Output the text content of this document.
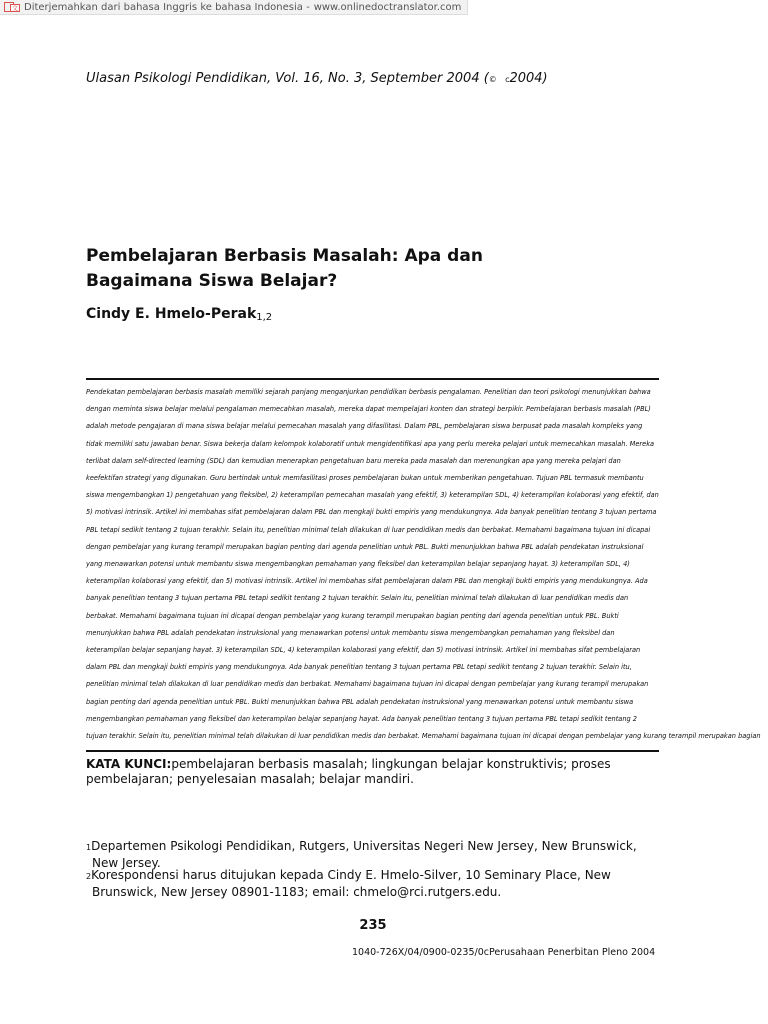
文 Diterjemahkan dari bahasa Inggris ke bahasa Indonesia - www.onlinedoctranslator.com
Ulasan Psikologi Pendidikan, Vol. 16, No. 3, September 2004 (© c2004)
Pembelajaran Berbasis Masalah: Apa dan
Bagaimana Siswa Belajar?
Cindy E. Hmelo-Perak$^{1,2}$
Pendekatan pembelajaran berbasis masalah memiliki sejarah panjang menganjurkan pendidikan berbasis pengalaman. Penelitian dan teori psikologi menunjukkan bahwa
dengan meminta siswa belajar melalui pengalaman memecahkan masalah, mereka dapat mempelajari konten dan strategi berpikir. Pembelajaran berbasis masalah (PBL)
adalah metode pengajaran di mana siswa belajar melalui pemecahan masalah yang difasilitasi. Dalam PBL, pembelajaran siswa berpusat pada masalah kompleks yang
tidak memiliki satu jawaban benar. Siswa bekerja dalam kelompok kolaboratif untuk mengidentifikasi apa yang perlu mereka pelajari untuk memecahkan masalah. Mereka
terlibat dalam self-directed learning (SDL) dan kemudian menerapkan pengetahuan baru mereka pada masalah dan merenungkan apa yang mereka pelajari dan
keefektifan strategi yang digunakan. Guru bertindak untuk memfasilitasi proses pembelajaran bukan untuk memberikan pengetahuan. Tujuan PBL termasuk membantu
siswa mengembangkan 1) pengetahuan yang fleksibel, 2) keterampilan pemecahan masalah yang efektif, 3) keterampilan SDL, 4) keterampilan kolaborasi yang efektif, dan
5) motivasi intrinsik. Artikel ini membahas sifat pembelajaran dalam PBL dan mengkaji bukti empiris yang mendukungnya. Ada banyak penelitian tentang 3 tujuan pertama
PBL tetapi sedikit tentang 2 tujuan terakhir. Selain itu, penelitian minimal telah dilakukan di luar pendidikan medis dan berbakat. Memahami bagaimana tujuan ini dicapai
dengan pembelajar yang kurang terampil merupakan bagian penting dari agenda penelitian untuk PBL. Bukti menunjukkan bahwa PBL adalah pendekatan instruksional
yang menawarkan potensi untuk membantu siswa mengembangkan pemahaman yang fleksibel dan keterampilan belajar sepanjang hayat. 3) keterampilan SDL, 4)
keterampilan kolaborasi yang efektif, dan 5) motivasi intrinsik. Artikel ini membahas sifat pembelajaran dalam PBL dan mengkaji bukti empiris yang mendukungnya. Ada
banyak penelitian tentang 3 tujuan pertama PBL tetapi sedikit tentang 2 tujuan terakhir. Selain itu, penelitian minimal telah dilakukan di luar pendidikan medis dan
berbakat. Memahami bagaimana tujuan ini dicapai dengan pembelajar yang kurang terampil merupakan bagian penting dari agenda penelitian untuk PBL. Bukti
menunjukkan bahwa PBL adalah pendekatan instruksional yang menawarkan potensi untuk membantu siswa mengembangkan pemahaman yang fleksibel dan
keterampilan belajar sepanjang hayat. 3) keterampilan SDL, 4) keterampilan kolaborasi yang efektif, dan 5) motivasi intrinsik. Artikel ini membahas sifat pembelajaran
dalam PBL dan mengkaji bukti empiris yang mendukungnya. Ada banyak penelitian tentang 3 tujuan pertama PBL tetapi sedikit tentang 2 tujuan terakhir. Selain itu,
penelitian minimal telah dilakukan di luar pendidikan medis dan berbakat. Memahami bagaimana tujuan ini dicapai dengan pembelajar yang kurang terampil merupakan
bagian penting dari agenda penelitian untuk PBL. Bukti menunjukkan bahwa PBL adalah pendekatan instruksional yang menawarkan potensi untuk membantu siswa
mengembangkan pemahaman yang fleksibel dan keterampilan belajar sepanjang hayat. Ada banyak penelitian tentang 3 tujuan pertama PBL tetapi sedikit tentang 2
tujuan terakhir. Selain itu, penelitian minimal telah dilakukan di luar pendidikan medis dan berbakat. Memahami bagaimana tujuan ini dicapai dengan pembelajar yang kurang terampil merupakan bagian
KATA KUNCI:pembelajaran berbasis masalah; lingkungan belajar konstruktivis; proses pembelajaran; penyelesaian masalah; belajar mandiri.
1Departemen Psikologi Pendidikan, Rutgers, Universitas Negeri New Jersey, New Brunswick,
New Jersey.
2Korespondensi harus ditujukan kepada Cindy E. Hmelo-Silver, 10 Seminary Place, New
Brunswick, New Jersey 08901-1183; email: chmelo@rci.rutgers.edu.
235
1040-726X/04/0900-0235/0cPerusahaan Penerbitan Pleno 2004
